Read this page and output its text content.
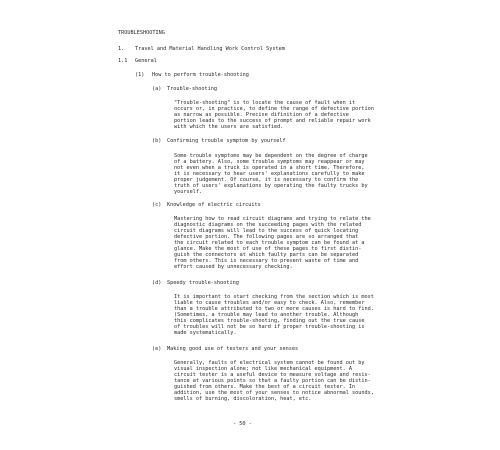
TROUBLESHOOTING
1. Travel and Material Handling Work Control System
1.1 General
(1) How to perform trouble-shooting
(a) Trouble-shooting
"Trouble-shooting" is to locate the cause of fault when it
occurs or, in practice, to define the range of defective portion
as narrow as possible. Precise difinition of a defective
portion leads to the success of prompt and reliable repair work
with which the users are satisfied.
(b) Confirming trouble symptom by yourself
Some trouble symptoms may be dependent on the degree of charge
of a battery. Also, some trouble symptoms may reappear or may
not even when a truck is operated in a short time. Therefore,
it is necessary to hear users' explanations carefully to make
proper judgement. Of course, it is necessary to confirm the
truth of users' explanations by operating the faulty trucks by
yourself.
(c) Knowledge of electric circuits
Mastering how to read circuit diagrams and trying to relate the
diagnostic diagrams on the succeeding pages with the related
circuit diagrams will lead to the success of quick locating
defective portion. The following pages are so arranged that
the circuit related to each trouble symptom can be found at a
glance. Make the most of use of these pages to first distin-
guish the connectors at which faulty parts can be separated
from others. This is necessary to prevent waste of time and
effort caused by unnecessary checking.
(d) Speedy trouble-shooting
It is important to start checking from the section which is most
liable to cause troubles and/or easy to check. Also, remember
than a trouble attributed to two or more causes is hard to find.
(Sometimes, a trouble may lead to another trouble. Although
this complicates trouble-shooting, finding out the true cause
of troubles will not be so hard if proper trouble-shooting is
made systematically.
(e) Making good use of testers and your senses
Generally, faults of electrical system cannot be found out by
visual inspection alone; not like mechanical equipment. A
circuit tester is a useful device to measure voltage and resis-
tance at various points so that a faulty portion can be distin-
guished from others. Make the best of a circuit tester. In
addition, use the most of your senses to notice abnormal sounds,
smells of burning, discoloration, heat, etc.
- 50 -
